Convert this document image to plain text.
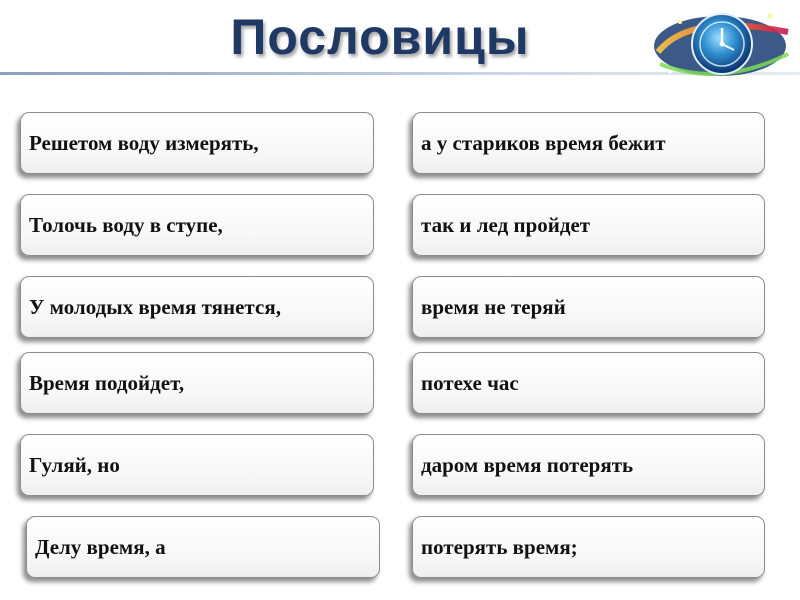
Пословицы
Решетом воду измерять,
Толочь воду в ступе,
У молодых время тянется,
Время подойдет,
Гуляй, но
Делу время, а
а у стариков время бежит
так и лед пройдет
время не теряй
потехе час
даром время потерять
потерять время;
